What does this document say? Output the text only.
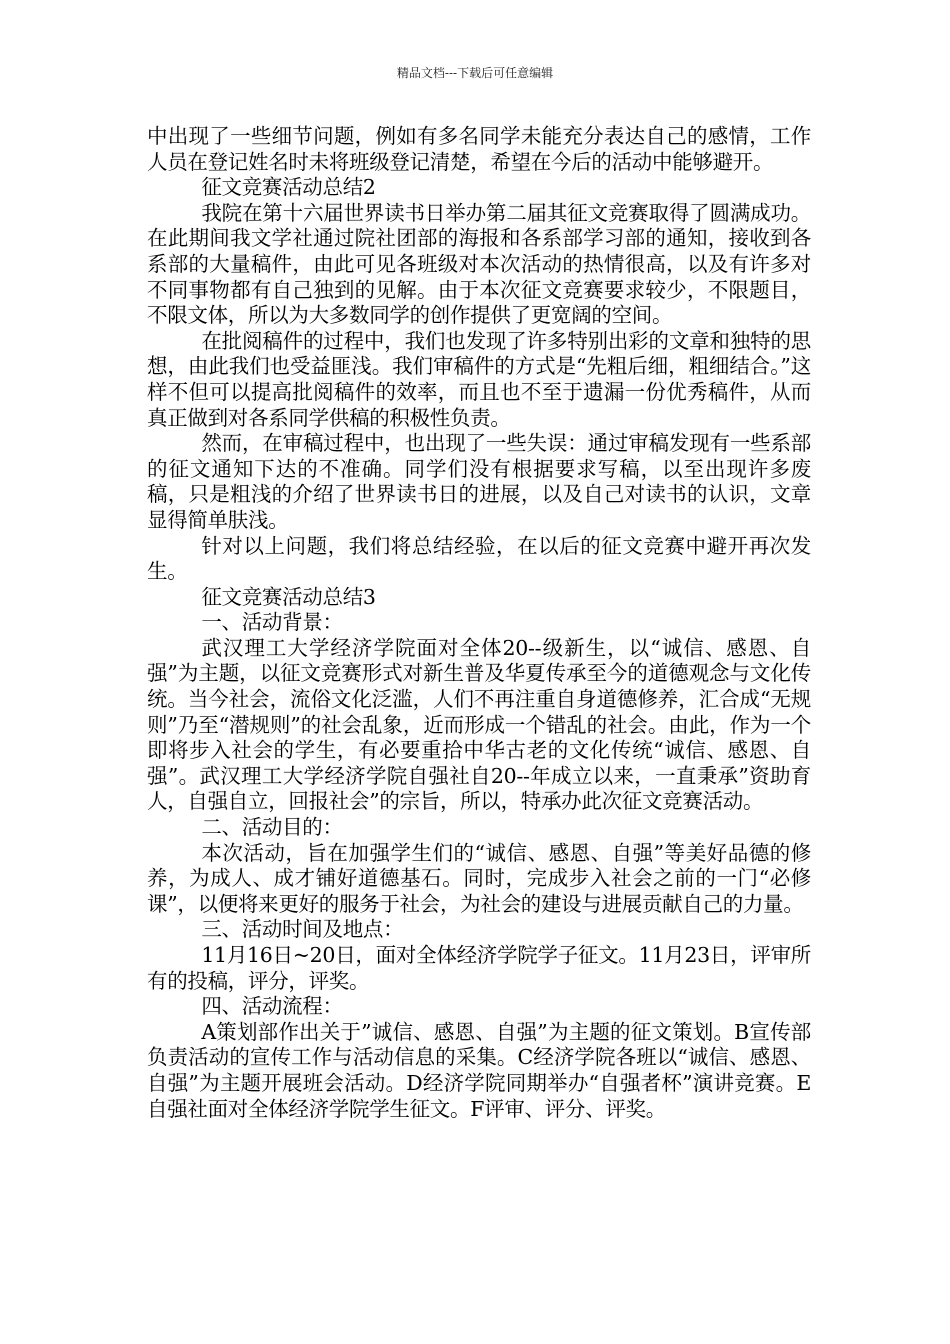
精品文档---下载后可任意编辑

中出现了一些细节问题，例如有多名同学未能充分表达自己的感情，工作人员在登记姓名时未将班级登记清楚，希望在今后的活动中能够避开。

征文竞赛活动总结2

我院在第十六届世界读书日举办第二届其征文竞赛取得了圆满成功。在此期间我文学社通过院社团部的海报和各系部学习部的通知，接收到各系部的大量稿件，由此可见各班级对本次活动的热情很高，以及有许多对不同事物都有自己独到的见解。由于本次征文竞赛要求较少，不限题目，不限文体，所以为大多数同学的创作提供了更宽阔的空间。

在批阅稿件的过程中，我们也发现了许多特别出彩的文章和独特的思想，由此我们也受益匪浅。我们审稿件的方式是“先粗后细，粗细结合。”这样不但可以提高批阅稿件的效率，而且也不至于遗漏一份优秀稿件，从而真正做到对各系同学供稿的积极性负责。

然而，在审稿过程中，也出现了一些失误：通过审稿发现有一些系部的征文通知下达的不准确。同学们没有根据要求写稿，以至出现许多废稿，只是粗浅的介绍了世界读书日的进展，以及自己对读书的认识，文章显得简单肤浅。

针对以上问题，我们将总结经验，在以后的征文竞赛中避开再次发生。

征文竞赛活动总结3

一、活动背景：

武汉理工大学经济学院面对全体20--级新生，以“诚信、感恩、自强”为主题，以征文竞赛形式对新生普及华夏传承至今的道德观念与文化传统。当今社会，流俗文化泛滥，人们不再注重自身道德修养，汇合成“无规则”乃至“潜规则”的社会乱象，近而形成一个错乱的社会。由此，作为一个即将步入社会的学生，有必要重拾中华古老的文化传统“诚信、感恩、自强”。武汉理工大学经济学院自强社自20--年成立以来，一直秉承”资助育人，自强自立，回报社会”的宗旨，所以，特承办此次征文竞赛活动。

二、活动目的：

本次活动，旨在加强学生们的“诚信、感恩、自强”等美好品德的修养，为成人、成才铺好道德基石。同时，完成步入社会之前的一门“必修课”，以便将来更好的服务于社会，为社会的建设与进展贡献自己的力量。

三、活动时间及地点：

11月16日~20日，面对全体经济学院学子征文。11月23日，评审所有的投稿，评分，评奖。

四、活动流程：

A策划部作出关于”诚信、感恩、自强”为主题的征文策划。B宣传部负责活动的宣传工作与活动信息的采集。C经济学院各班以“诚信、感恩、自强”为主题开展班会活动。D经济学院同期举办“自强者杯”演讲竞赛。E自强社面对全体经济学院学生征文。F评审、评分、评奖。
